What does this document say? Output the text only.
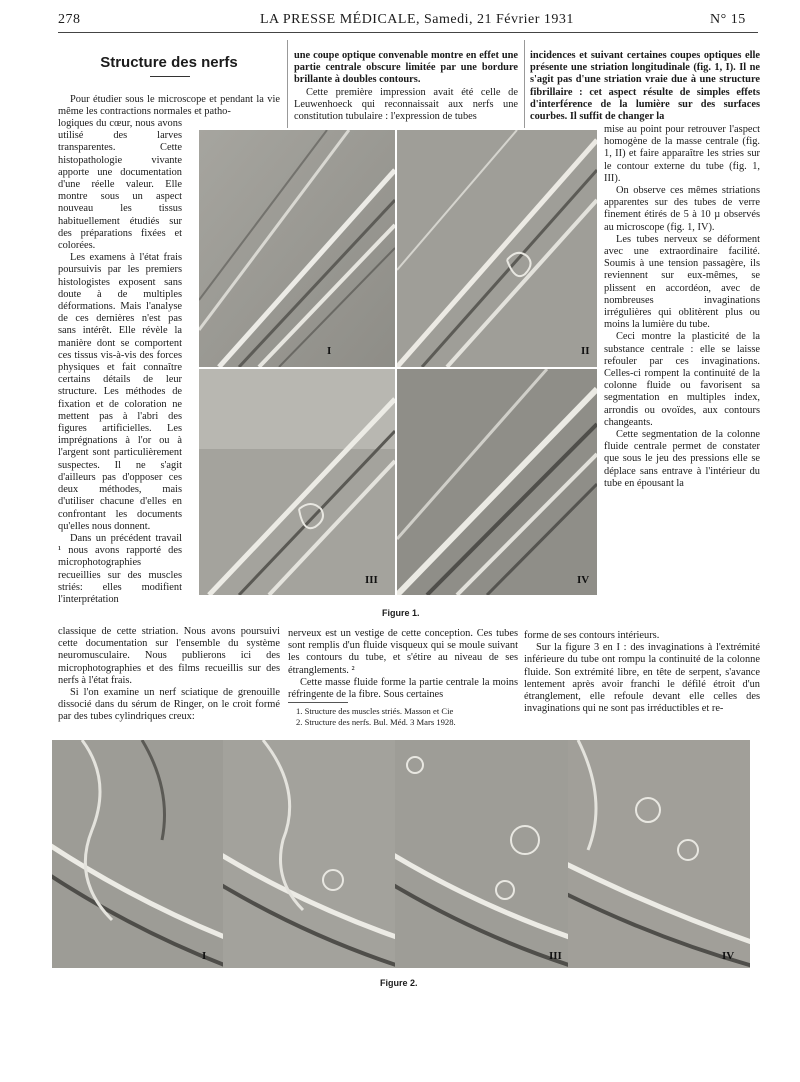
278	LA PRESSE MÉDICALE, Samedi, 21 Février 1931	N° 15
Structure des nerfs

Pour étudier sous le microscope et pendant la vie même les contractions normales et patho-

logiques du cœur, nous avons utilisé des larves transparentes. Cette histopathologie vivante apporte une documentation d'une réelle valeur. Elle montre sous un aspect nouveau les tissus habituellement étudiés sur des préparations fixées et colorées.

Les examens à l'état frais poursuivis par les premiers histologistes exposent sans doute à de multiples déformations. Mais l'analyse de ces dernières n'est pas sans intérêt. Elle révèle la manière dont se comportent ces tissus vis-à-vis des forces physiques et fait connaître certains détails de leur structure. Les méthodes de fixation et de coloration ne mettent pas à l'abri des figures artificielles. Les imprégnations à l'or ou à l'argent sont particulièrement suspectes. Il ne s'agit d'ailleurs pas d'opposer ces deux méthodes, mais d'utiliser chacune d'elles en confrontant les documents qu'elles nous donnent.

Dans un précédent travail ¹ nous avons rapporté des microphotographies recueillies sur des muscles striés: elles modifient l'interprétation

classique de cette striation. Nous avons poursuivi cette documentation sur l'ensemble du système neuromusculaire. Nous publierons ici des microphotographies et des films recueillis sur des nerfs à l'état frais.

Si l'on examine un nerf sciatique de grenouille dissocié dans du sérum de Ringer, on le croit formé par des tubes cylindriques creux:

une coupe optique convenable montre en effet une partie centrale obscure limitée par une bordure brillante à doubles contours.

Cette première impression avait été celle de Leuwenhoeck qui reconnaissait aux nerfs une constitution tubulaire : l'expression de tubes

incidences et suivant certaines coupes optiques elle présente une striation longitudinale (fig. 1, I). Il ne s'agit pas d'une striation vraie due à une structure fibrillaire : cet aspect résulte de simples effets d'interférence de la lumière sur des surfaces courbes. Il suffit de changer la

I	II
III	IV
Figure 1.

mise au point pour retrouver l'aspect homogène de la masse centrale (fig. 1, II) et faire apparaître les stries sur le contour externe du tube (fig. 1, III).

On observe ces mêmes striations apparentes sur des tubes de verre finement étirés de 5 à 10 µ observés au microscope (fig. 1, IV).

Les tubes nerveux se déforment avec une extraordinaire facilité. Soumis à une tension passagère, ils reviennent sur eux-mêmes, se plissent en accordéon, avec de nombreuses invaginations irrégulières qui oblitèrent plus ou moins la lumière du tube.

Ceci montre la plasticité de la substance centrale : elle se laisse refouler par ces invaginations. Celles-ci rompent la continuité de la colonne fluide ou favorisent sa segmentation en multiples index, arrondis ou ovoïdes, aux contours changeants.

Cette segmentation de la colonne fluide centrale permet de constater que sous le jeu des pressions elle se déplace sans entrave à l'intérieur du tube en épousant la

nerveux est un vestige de cette conception. Ces tubes sont remplis d'un fluide visqueux qui se moule suivant les contours du tube, et s'étire au niveau de ses étranglements. ²

Cette masse fluide forme la partie centrale la moins réfringente de la fibre. Sous certaines

1. Structure des muscles striés. Masson et Cie

2. Structure des nerfs. Bul. Méd. 3 Mars 1928.

forme de ses contours intérieurs.

Sur la figure 3 en I : des invaginations à l'extrémité inférieure du tube ont rompu la continuité de la colonne fluide. Son extrémité libre, en tête de serpent, s'avance lentement après avoir franchi le défilé étroit d'un étranglement, elle refoule devant elle celles des invaginations qui ne sont pas irréductibles et re-

I	III	IV
Figure 2.
